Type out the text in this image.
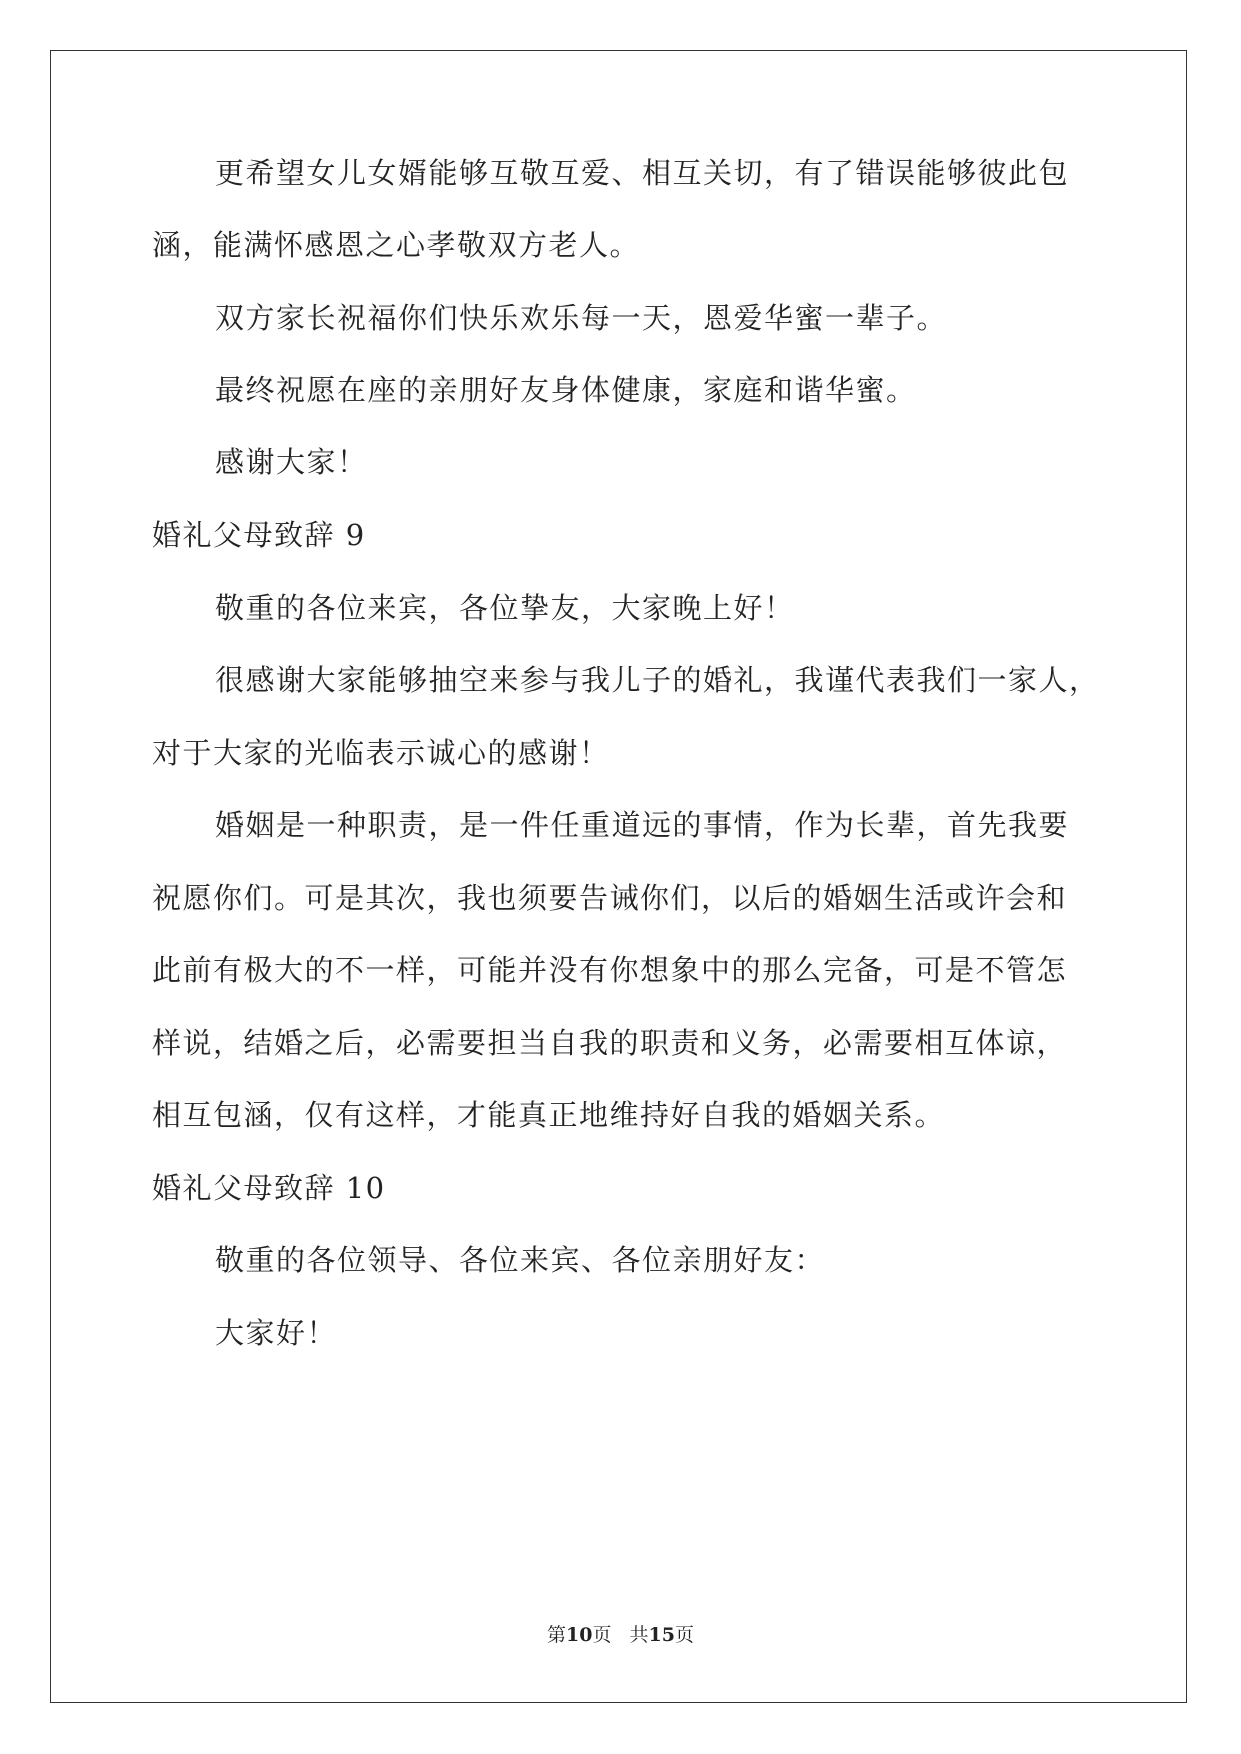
更希望女儿女婿能够互敬互爱、相互关切，有了错误能够彼此包
涵，能满怀感恩之心孝敬双方老人。
双方家长祝福你们快乐欢乐每一天，恩爱华蜜一辈子。
最终祝愿在座的亲朋好友身体健康，家庭和谐华蜜。
感谢大家！
婚礼父母致辞 9
敬重的各位来宾，各位挚友，大家晚上好！
很感谢大家能够抽空来参与我儿子的婚礼，我谨代表我们一家人，
对于大家的光临表示诚心的感谢！
婚姻是一种职责，是一件任重道远的事情，作为长辈，首先我要
祝愿你们。可是其次，我也须要告诫你们，以后的婚姻生活或许会和
此前有极大的不一样，可能并没有你想象中的那么完备，可是不管怎
样说，结婚之后，必需要担当自我的职责和义务，必需要相互体谅，
相互包涵，仅有这样，才能真正地维持好自我的婚姻关系。
婚礼父母致辞 10
敬重的各位领导、各位来宾、各位亲朋好友：
大家好！
第10页 共15页
